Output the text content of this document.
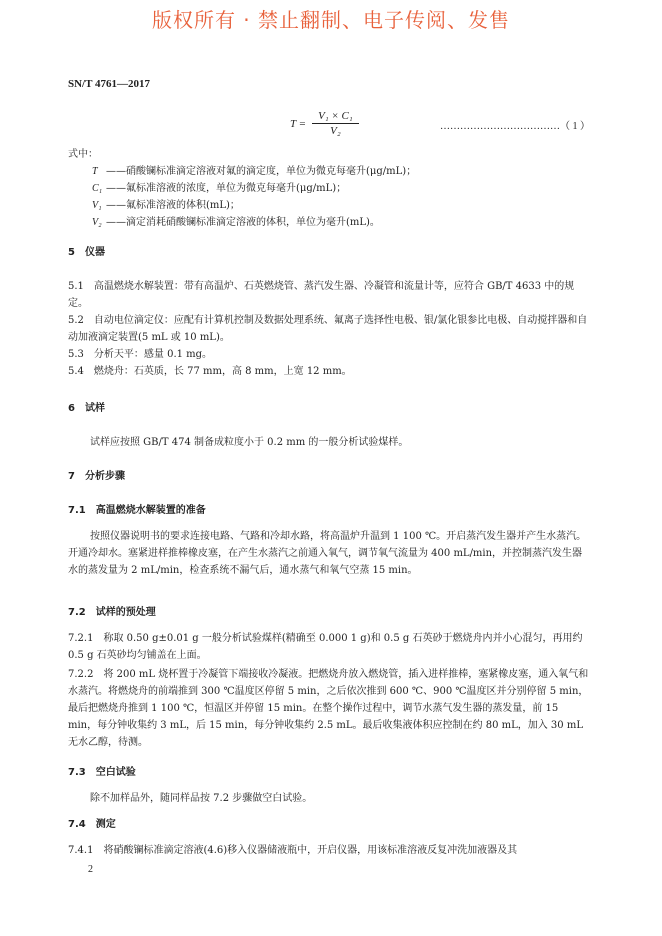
版权所有 · 禁止翻制、电子传阅、发售
SN/T 4761—2017
$T = \frac{\text{V₁ × C₁}}{\text{V₂}}$	………………………………（ 1 ）
式中：
T ——硝酸镧标准滴定溶液对氟的滴定度，单位为微克每毫升(μg/mL)；
C₁ ——氟标准溶液的浓度，单位为微克每毫升(μg/mL)；
V₁ ——氟标准溶液的体积(mL)；
V₂ ——滴定消耗硝酸镧标准滴定溶液的体积，单位为毫升(mL)。
5　仪器
5.1　高温燃烧水解装置：带有高温炉、石英燃烧管、蒸汽发生器、冷凝管和流量计等，应符合 GB/T 4633 中的规定。
5.2　自动电位滴定仪：应配有计算机控制及数据处理系统、氟离子选择性电极、银/氯化银参比电极、自动搅拌器和自动加液滴定装置(5 mL 或 10 mL)。
5.3　分析天平：感量 0.1 mg。
5.4　燃烧舟：石英质，长 77 mm，高 8 mm，上宽 12 mm。
6　试样
试样应按照 GB/T 474 制备成粒度小于 0.2 mm 的一般分析试验煤样。
7　分析步骤
7.1　高温燃烧水解装置的准备
按照仪器说明书的要求连接电路、气路和冷却水路，将高温炉升温到 1 100 ℃。开启蒸汽发生器并产生水蒸汽。开通冷却水。塞紧进样推棒橡皮塞，在产生水蒸汽之前通入氧气，调节氧气流量为 400 mL/min，并控制蒸汽发生器水的蒸发量为 2 mL/min，检查系统不漏气后，通水蒸气和氧气空蒸 15 min。
7.2　试样的预处理
7.2.1　称取 0.50 g±0.01 g 一般分析试验煤样(精确至 0.000 1 g)和 0.5 g 石英砂于燃烧舟内并小心混匀，再用约 0.5 g 石英砂均匀铺盖在上面。
7.2.2　将 200 mL 烧杯置于冷凝管下端接收冷凝液。把燃烧舟放入燃烧管，插入进样推棒，塞紧橡皮塞，通入氧气和水蒸汽。将燃烧舟的前端推到 300 ℃温度区停留 5 min，之后依次推到 600 ℃、900 ℃温度区并分别停留 5 min，最后把燃烧舟推到 1 100 ℃，恒温区并停留 15 min。在整个操作过程中，调节水蒸气发生器的蒸发量，前 15 min，每分钟收集约 3 mL，后 15 min，每分钟收集约 2.5 mL。最后收集液体积应控制在约 80 mL，加入 30 mL 无水乙醇，待测。
7.3　空白试验
除不加样品外，随同样品按 7.2 步骤做空白试验。
7.4　测定
7.4.1　将硝酸镧标准滴定溶液(4.6)移入仪器储液瓶中，开启仪器，用该标准溶液反复冲洗加液器及其
2
